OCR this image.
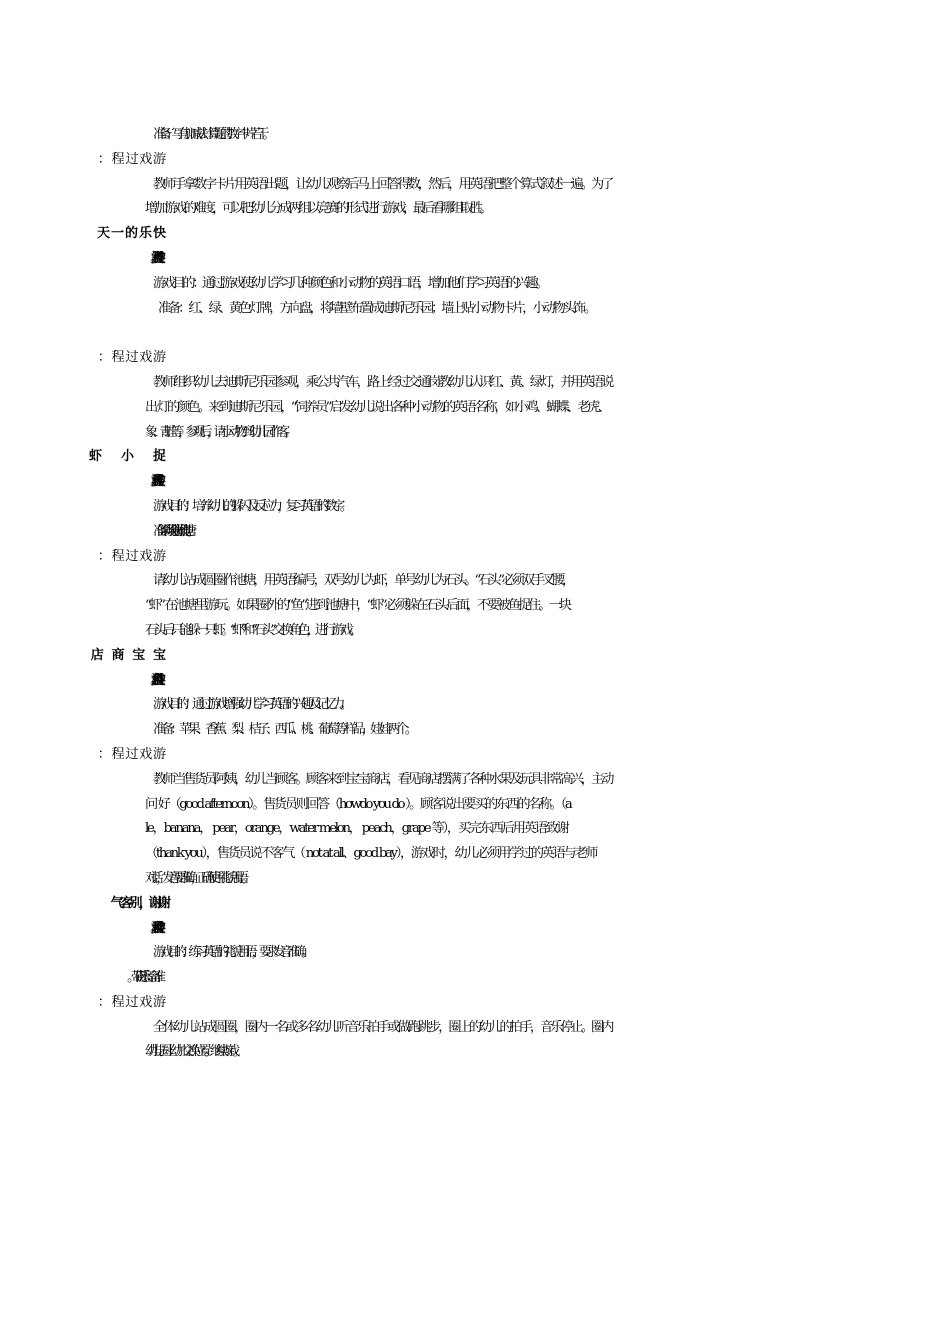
准备：写有加减法计算题的数字卡片若干。
教师手拿数字卡片用英语出题，让幼儿观察后马上回答得数，然后，用英语把整个算式叙述一遍。为了
增 加游戏的难度，可以把幼儿分成两组以竞赛的形式进行游戏，最后看哪组取胜。
游戏目的：通过游戏使幼儿学习几种颜色和小动物的英语口语，增加他们学习英语的兴趣。
准备：红、绿、黄色灯牌，方向盘，将墙壁布置成迪斯尼乐园；墙上贴小动物卡片，小动物头饰 。
教师组织幼儿去迪斯尼乐园参观，乘公共汽车，路上经过交通岗教幼儿认识红、黄、绿灯，并用英语说
出 灯的颜色。来到迪斯尼乐园，“饲养员”启发幼儿说出各种小动物的英语名称，如小鸡、蝴蝶、老虎、
象、青 蛙等，参观后，请小动物到幼儿园作客。
游戏目的：培养幼儿的躲闪及反应力，复习英语的数字。
准备：将场地划分好作池塘。
请幼儿站成圆圈作池塘，用英语编号，双号幼儿为虾，单号幼儿为石头。“石头”必须双手叉腰，
“虾” 在池塘里游玩。如果圈外的“鱼”进到池塘中，“虾”必须躲在石头后面，不要被鱼捉住。一块
石头后只能躲 一只虾。“虾”和“石头”交换角色，进行游戏。
游戏目的：通过游戏增强幼儿学习英语的兴趣及记忆力。
准备：苹果、香蕉、梨、桔子、西瓜、桃、葡萄等样品，娃娃两个。
教师当售货员阿姨，幼儿当顾客。顾客来到宝宝商店，看见商店摆满了各种水果及玩具非常高兴，主动
问 好（good afternoon）。售货员则回答（howdo you do ）。顾客说出要买的东西的名称。（a
le，banana， pear，orange，water melon， peach，grape 等），买完东西后用英语致谢
（thank you），售货员说不客气（ not at all、good bay），游戏时，幼儿必须用学过的英语与老师
对话，发音要准确，正确使用礼貌用语。
游戏目的：练习英语的礼貌用语，要求发音准确。
全体幼儿站成圆圈，圈内一名或多名幼儿听音乐拍手或做跑跳步，圈上的幼儿的拍手，音乐停止。圈内
幼 儿与圈上幼儿交换位置。继续游戏。
